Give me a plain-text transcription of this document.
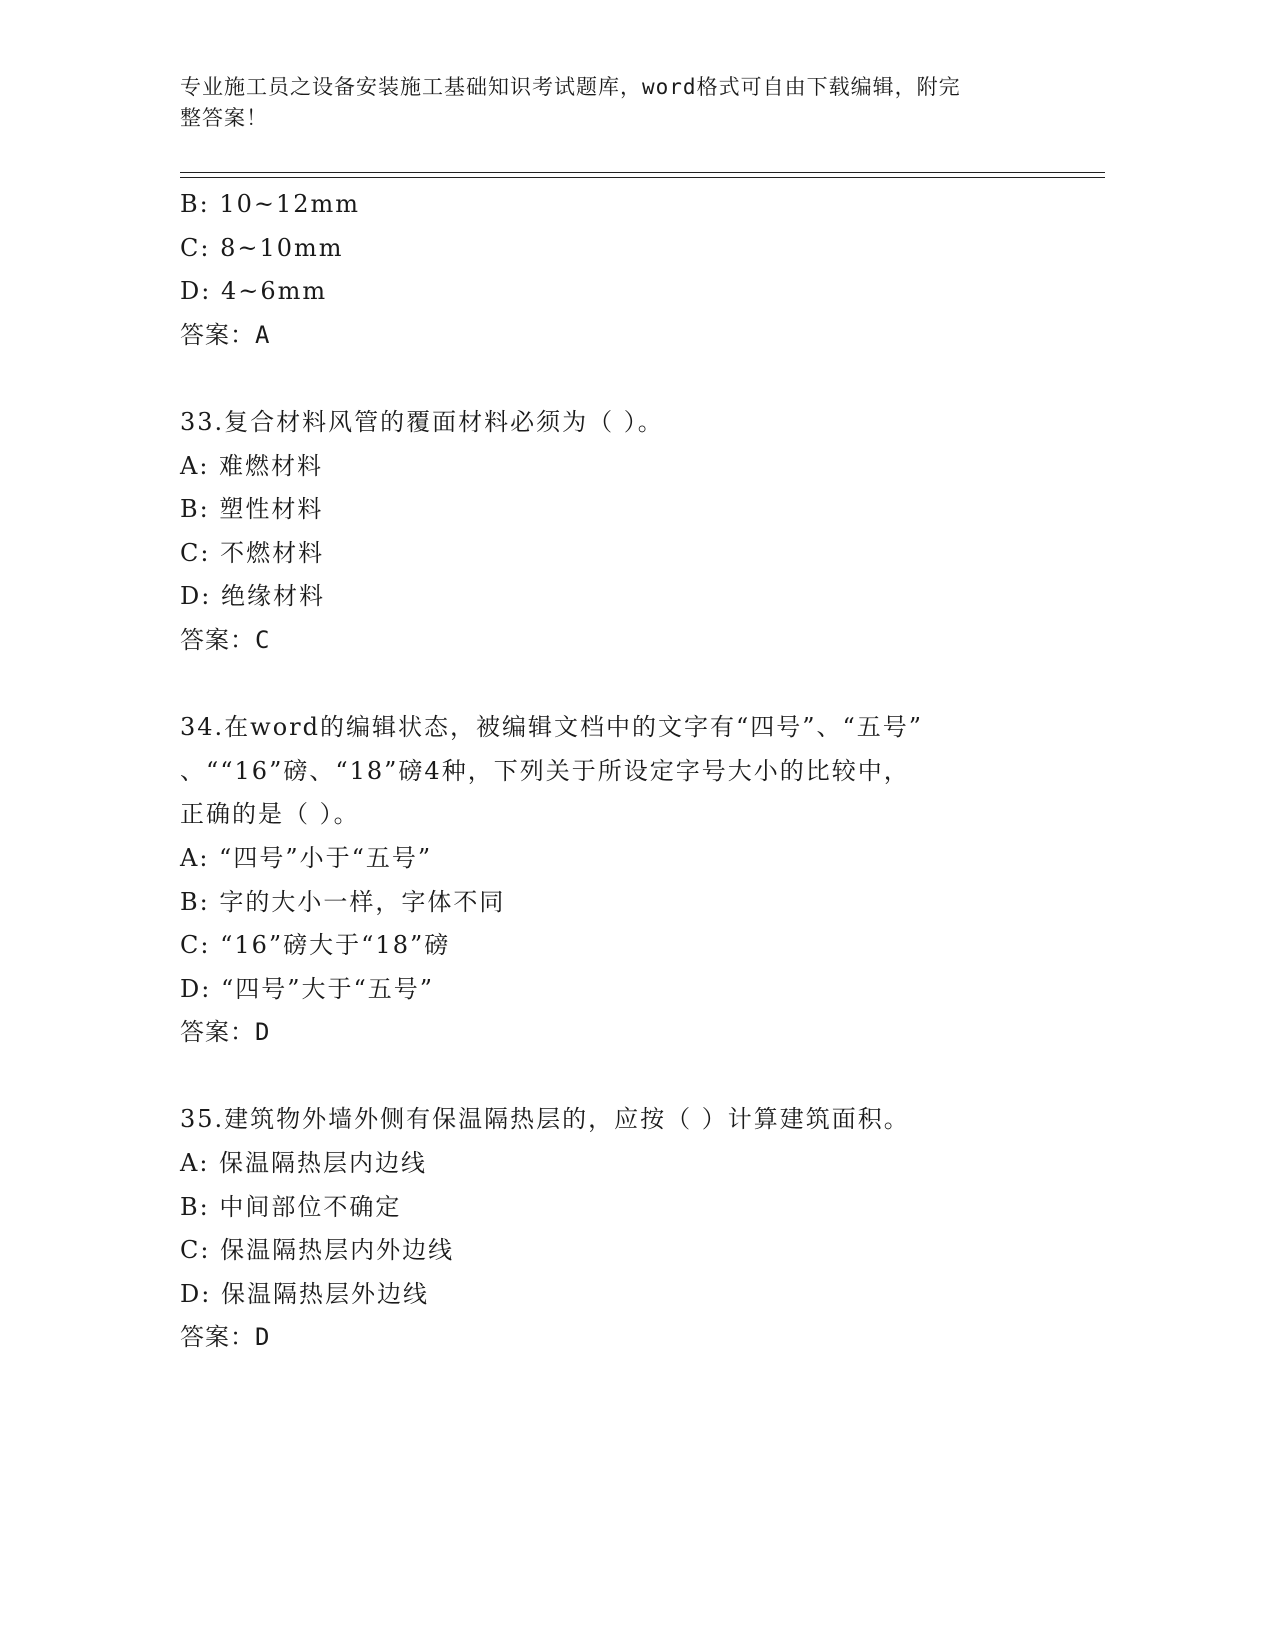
专业施工员之设备安装施工基础知识考试题库，word格式可自由下载编辑，附完
整答案！
B: 10~12mm
C: 8~10mm
D: 4~6mm
答案：A
33.复合材料风管的覆面材料必须为（ ）。
A: 难燃材料
B: 塑性材料
C: 不燃材料
D: 绝缘材料
答案：C
34.在word的编辑状态，被编辑文档中的文字有“四号”、“五号”
、““16”磅、“18”磅4种，下列关于所设定字号大小的比较中，
正确的是（ ）。
A: “四号”小于“五号”
B: 字的大小一样，字体不同
C: “16”磅大于“18”磅
D: “四号”大于“五号”
答案：D
35.建筑物外墙外侧有保温隔热层的，应按（ ）计算建筑面积。
A: 保温隔热层内边线
B: 中间部位不确定
C: 保温隔热层内外边线
D: 保温隔热层外边线
答案：D
